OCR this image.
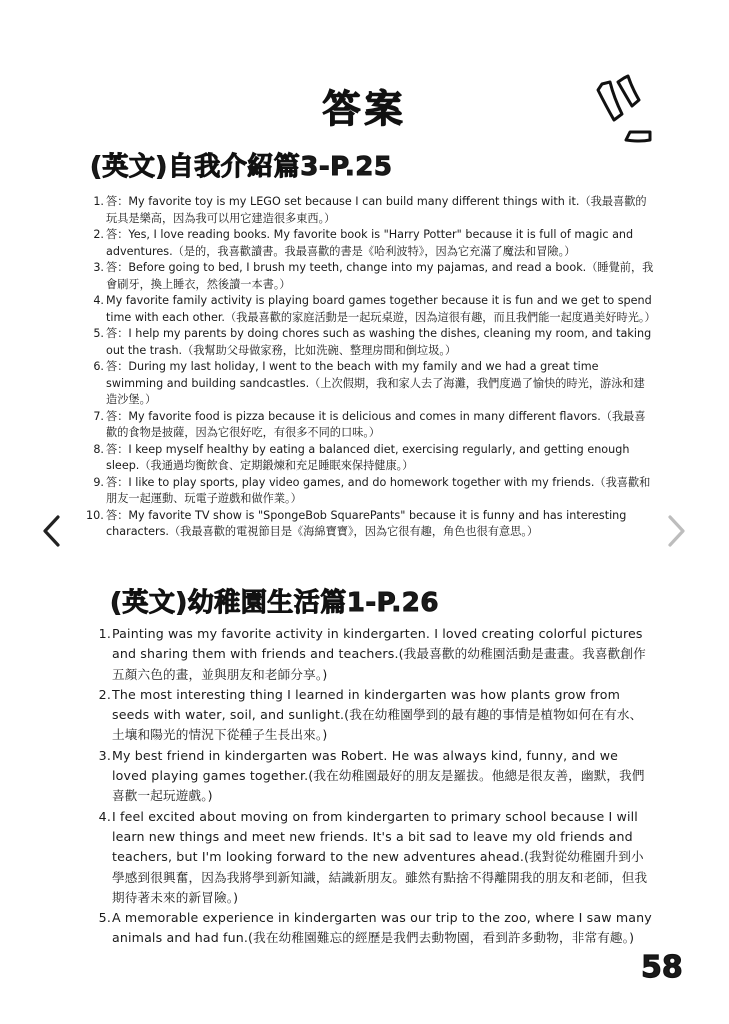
答案
(英文)自我介紹篇3-P.25
1. 答：My favorite toy is my LEGO set because I can build many different things with it.（我最喜歡的玩具是樂高，因為我可以用它建造很多東西。）
2. 答：Yes, I love reading books. My favorite book is "Harry Potter" because it is full of magic and adventures.（是的，我喜歡讀書。我最喜歡的書是《哈利波特》，因為它充滿了魔法和冒險。）
3. 答：Before going to bed, I brush my teeth, change into my pajamas, and read a book.（睡覺前，我會刷牙，換上睡衣，然後讀一本書。）
4. My favorite family activity is playing board games together because it is fun and we get to spend time with each other.（我最喜歡的家庭活動是一起玩桌遊，因為這很有趣，而且我們能一起度過美好時光。）
5. 答：I help my parents by doing chores such as washing the dishes, cleaning my room, and taking out the trash.（我幫助父母做家務，比如洗碗、整理房間和倒垃圾。）
6. 答：During my last holiday, I went to the beach with my family and we had a great time swimming and building sandcastles.（上次假期，我和家人去了海灘，我們度過了愉快的時光，游泳和建造沙堡。）
7. 答：My favorite food is pizza because it is delicious and comes in many different flavors.（我最喜歡的食物是披薩，因為它很好吃，有很多不同的口味。）
8. 答：I keep myself healthy by eating a balanced diet, exercising regularly, and getting enough sleep.（我通過均衡飲食、定期鍛煉和充足睡眠來保持健康。）
9. 答：I like to play sports, play video games, and do homework together with my friends.（我喜歡和朋友一起運動、玩電子遊戲和做作業。）
10. 答：My favorite TV show is "SpongeBob SquarePants" because it is funny and has interesting characters.（我最喜歡的電視節目是《海綿寶寶》，因為它很有趣，角色也很有意思。）
(英文)幼稚園生活篇1-P.26
1. Painting was my favorite activity in kindergarten. I loved creating colorful pictures and sharing them with friends and teachers.(我最喜歡的幼稚園活動是畫畫。我喜歡創作五顏六色的畫，並與朋友和老師分享。)
2. The most interesting thing I learned in kindergarten was how plants grow from seeds with water, soil, and sunlight.(我在幼稚園學到的最有趣的事情是植物如何在有水、土壤和陽光的情況下從種子生長出來。)
3. My best friend in kindergarten was Robert. He was always kind, funny, and we loved playing games together.(我在幼稚園最好的朋友是羅拔。他總是很友善，幽默，我們喜歡一起玩遊戲。)
4. I feel excited about moving on from kindergarten to primary school because I will learn new things and meet new friends. It's a bit sad to leave my old friends and teachers, but I'm looking forward to the new adventures ahead.(我對從幼稚園升到小學感到很興奮，因為我將學到新知識，結識新朋友。雖然有點捨不得離開我的朋友和老師，但我期待著未來的新冒險。)
5. A memorable experience in kindergarten was our trip to the zoo, where I saw many animals and had fun.(我在幼稚園難忘的經歷是我們去動物園，看到許多動物，非常有趣。)
58
